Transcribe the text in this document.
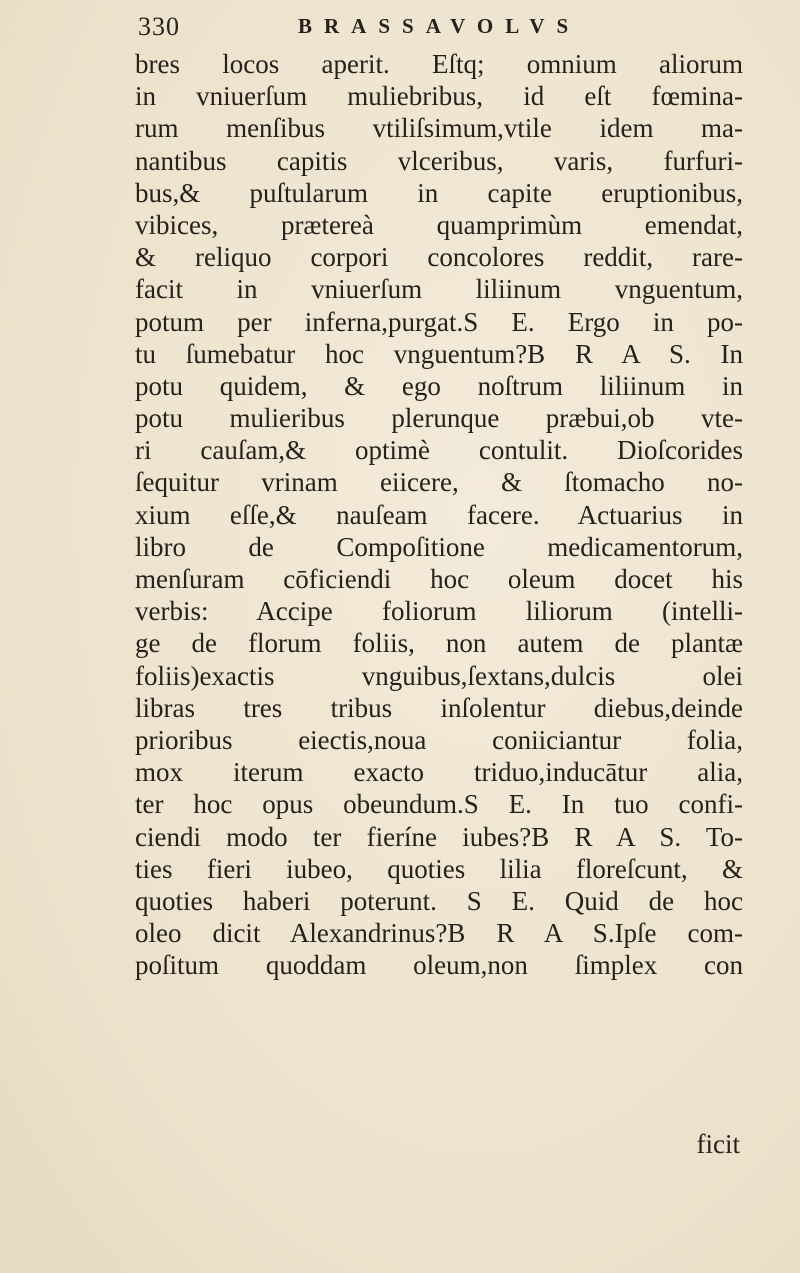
330	BRASSAVOLVS
bres locos aperit. Eſtq; omnium aliorum
in vniuerſum muliebribus, id eſt fœmina-
rum menſibus vtiliſsimum,vtile idem ma-
nantibus capitis vlceribus, varis, furfuri-
bus,& puſtularum in capite eruptionibus,
vibices, prætereà quamprimùm emendat,
& reliquo corpori concolores reddit, rare-
facit in vniuerſum liliinum vnguentum,
potum per inferna,purgat.S E. Ergo in po-
tu ſumebatur hoc vnguentum?B R A S. In
potu quidem, & ego noſtrum liliinum in
potu mulieribus plerunque præbui,ob vte-
ri cauſam,& optimè contulit. Dioſcorides
ſequitur vrinam eiicere, & ſtomacho no-
xium eſſe,& nauſeam facere. Actuarius in
libro de Compoſitione medicamentorum,
menſuram cōficiendi hoc oleum docet his
verbis: Accipe foliorum liliorum (intelli-
ge de florum foliis, non autem de plantæ
foliis)exactis vnguibus,ſextans,dulcis olei
libras tres tribus inſolentur diebus,deinde
prioribus eiectis,noua coniiciantur folia,
mox iterum exacto triduo,inducātur alia,
ter hoc opus obeundum.S E. In tuo confi-
ciendi modo ter fieríne iubes?B R A S. To-
ties fieri iubeo, quoties lilia floreſcunt, &
quoties haberi poterunt. S E. Quid de hoc
oleo dicit Alexandrinus?B R A S.Ipſe com-
poſitum quoddam oleum,non ſimplex con
ficit
